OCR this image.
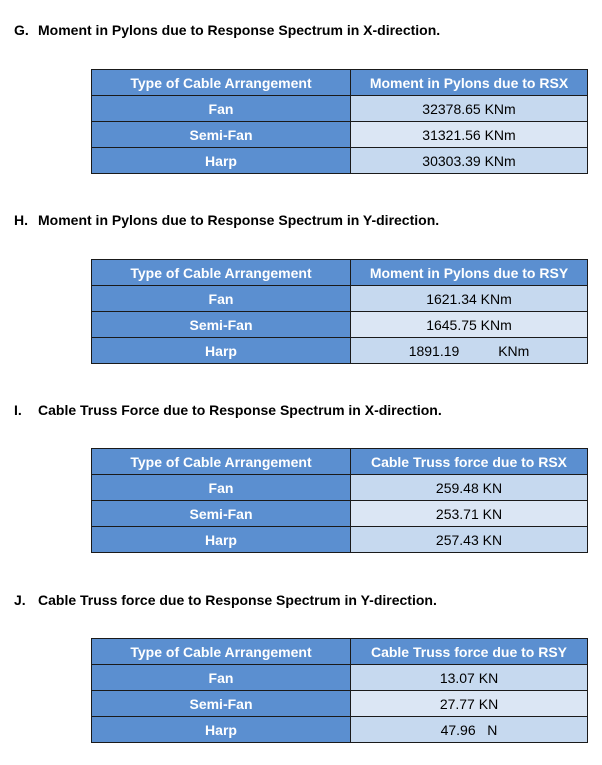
G. Moment in Pylons due to Response Spectrum in X-direction.
Type of Cable Arrangement	Moment in Pylons due to RSX
Fan	32378.65 KNm
Semi-Fan	31321.56 KNm
Harp	30303.39 KNm
H. Moment in Pylons due to Response Spectrum in Y-direction.
Type of Cable Arrangement	Moment in Pylons due to RSY
Fan	1621.34 KNm
Semi-Fan	1645.75 KNm
Harp	1891.19          KNm
I. Cable Truss Force due to Response Spectrum in X-direction.
Type of Cable Arrangement	Cable Truss force due to RSX
Fan	259.48 KN
Semi-Fan	253.71 KN
Harp	257.43 KN
J. Cable Truss force due to Response Spectrum in Y-direction.
Type of Cable Arrangement	Cable Truss force due to RSY
Fan	13.07 KN
Semi-Fan	27.77 KN
Harp	47.96   N
